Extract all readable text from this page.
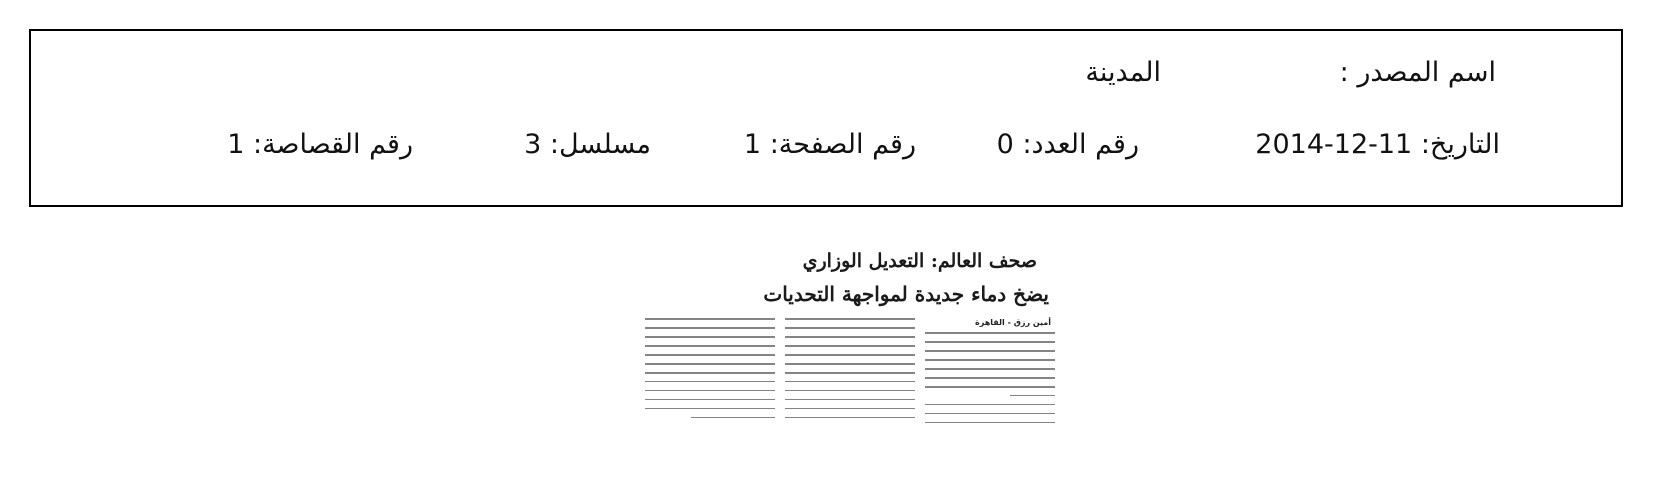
اسم المصدر :
المدينة
التاريخ: 11-12-2014
رقم العدد: 0
رقم الصفحة: 1
مسلسل: 3
رقم القصاصة: 1
صحف العالم: التعديل الوزاري
يضخ دماء جديدة لمواجهة التحديات
أمين رزق - القاهرة
